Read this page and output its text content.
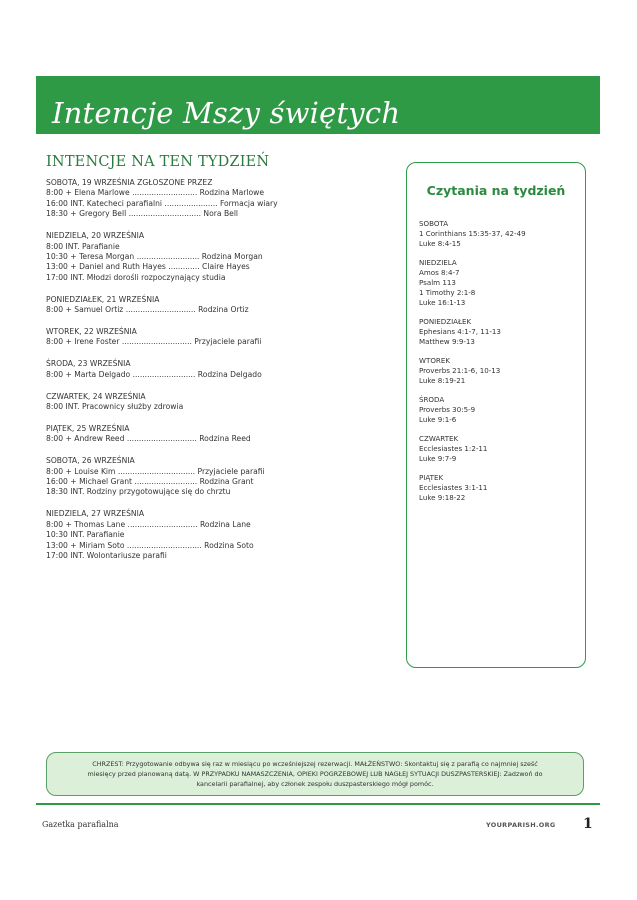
Intencje Mszy świętych
INTENCJE NA TEN TYDZIEŃ
SOBOTA, 19 WRZEŚNIA ZGŁOSZONE PRZEZ
8:00 + Elena Marlowe ........................... Rodzina Marlowe
16:00 INT. Katecheci parafialni ...................... Formacja wiary
18:30 + Gregory Bell .............................. Nora Bell
NIEDZIELA, 20 WRZEŚNIA
8:00 INT. Parafianie
10:30 + Teresa Morgan .......................... Rodzina Morgan
13:00 + Daniel and Ruth Hayes ............. Claire Hayes
17:00 INT. Młodzi dorośli rozpoczynający studia
PONIEDZIAŁEK, 21 WRZEŚNIA
8:00 + Samuel Ortiz ............................. Rodzina Ortiz
WTOREK, 22 WRZEŚNIA
8:00 + Irene Foster ............................. Przyjaciele parafii
ŚRODA, 23 WRZEŚNIA
8:00 + Marta Delgado .......................... Rodzina Delgado
CZWARTEK, 24 WRZEŚNIA
8:00 INT. Pracownicy służby zdrowia
PIĄTEK, 25 WRZEŚNIA
8:00 + Andrew Reed ............................. Rodzina Reed
SOBOTA, 26 WRZEŚNIA
8:00 + Louise Kim ................................ Przyjaciele parafii
16:00 + Michael Grant .......................... Rodzina Grant
18:30 INT. Rodziny przygotowujące się do chrztu
NIEDZIELA, 27 WRZEŚNIA
8:00 + Thomas Lane ............................. Rodzina Lane
10:30 INT. Parafianie
13:00 + Miriam Soto ............................... Rodzina Soto
17:00 INT. Wolontariusze parafii
Czytania na tydzień
SOBOTA
1 Corinthians 15:35-37, 42-49
Luke 8:4-15
NIEDZIELA
Amos 8:4-7
Psalm 113
1 Timothy 2:1-8
Luke 16:1-13
PONIEDZIAŁEK
Ephesians 4:1-7, 11-13
Matthew 9:9-13
WTOREK
Proverbs 21:1-6, 10-13
Luke 8:19-21
ŚRODA
Proverbs 30:5-9
Luke 9:1-6
CZWARTEK
Ecclesiastes 1:2-11
Luke 9:7-9
PIĄTEK
Ecclesiastes 3:1-11
Luke 9:18-22
CHRZEST: Przygotowanie odbywa się raz w miesiącu po wcześniejszej rezerwacji. MAŁŻEŃSTWO: Skontaktuj się z parafią co najmniej sześć miesięcy przed planowaną datą. W PRZYPADKU NAMASZCZENIA, OPIEKI POGRZEBOWEJ LUB NAGŁEJ SYTUACJI DUSZPASTERSKIEJ: Zadzwoń do kancelarii parafialnej, aby członek zespołu duszpasterskiego mógł pomóc.
Gazetka parafialna	YOURPARISH.ORG 1
